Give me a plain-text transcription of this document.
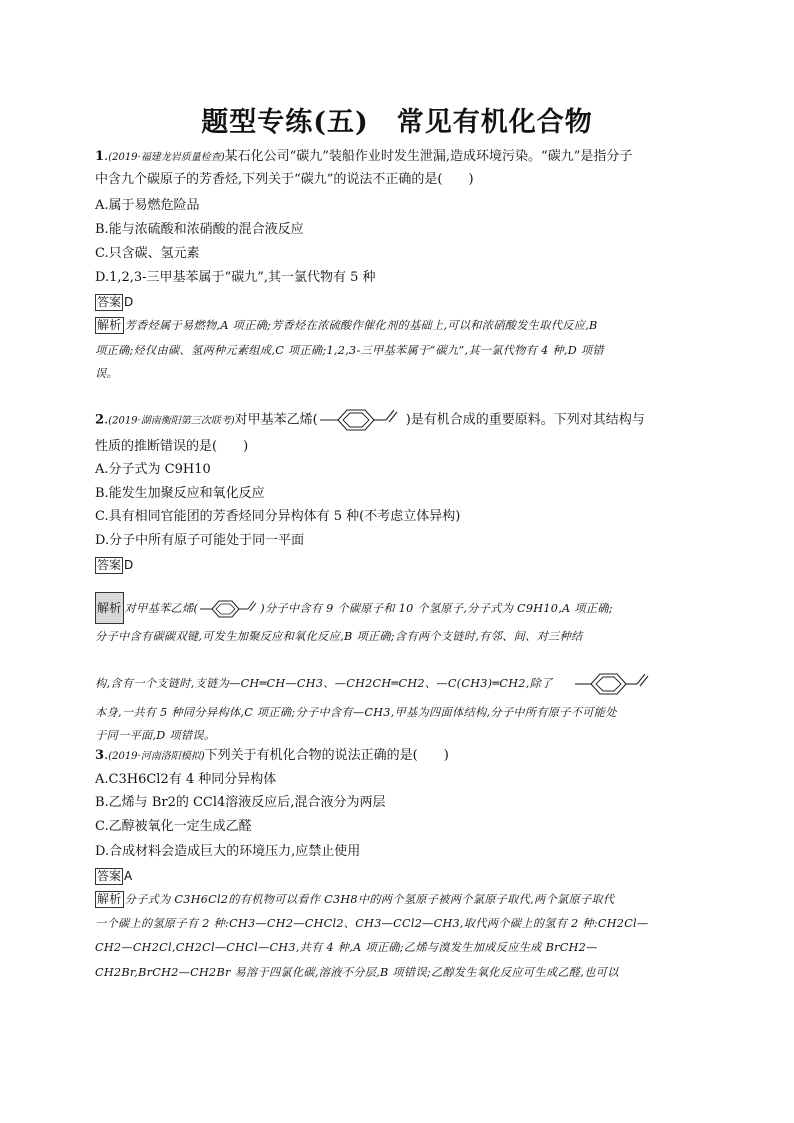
题型专练(五)　常见有机化合物
1.(2019·福建龙岩质量检查)某石化公司“碳九”装船作业时发生泄漏,造成环境污染。“碳九”是指分子
中含九个碳原子的芳香烃,下列关于“碳九”的说法不正确的是(　　)
A.属于易燃危险品
B.能与浓硫酸和浓硝酸的混合液反应
C.只含碳、氢元素
D.1,2,3-三甲基苯属于“碳九”,其一氯代物有 5 种
答案 D
解析 芳香烃属于易燃物,A 项正确;芳香烃在浓硫酸作催化剂的基础上,可以和浓硝酸发生取代反应,B
项正确;烃仅由碳、氢两种元素组成,C 项正确;1,2,3-三甲基苯属于“碳九”,其一氯代物有 4 种,D 项错
误。
2.(2019·湖南衡阳第三次联考)对甲基苯乙烯(	)是有机合成的重要原料。下列对其结构与
性质的推断错误的是(　　)
A.分子式为 C9H10
B.能发生加聚反应和氧化反应
C.具有相同官能团的芳香烃同分异构体有 5 种(不考虑立体异构)
D.分子中所有原子可能处于同一平面
答案 D
解析 对甲基苯乙烯(	)分子中含有 9 个碳原子和 10 个氢原子,分子式为 C9H10,A 项正确;
分子中含有碳碳双键,可发生加聚反应和氧化反应,B 项正确;含有两个支链时,有邻、间、对三种结
构,含有一个支链时,支链为—CH═CH—CH3、—CH2CH═CH2、—C(CH3)═CH2,除了
本身,一共有 5 种同分异构体,C 项正确;分子中含有—CH3,甲基为四面体结构,分子中所有原子不可能处
于同一平面,D 项错误。
3.(2019·河南洛阳模拟)下列关于有机化合物的说法正确的是(　　)
A.C3H6Cl2有 4 种同分异构体
B.乙烯与 Br2的 CCl4溶液反应后,混合液分为两层
C.乙醇被氧化一定生成乙醛
D.合成材料会造成巨大的环境压力,应禁止使用
答案 A
解析 分子式为 C3H6Cl2的有机物可以看作 C3H8中的两个氢原子被两个氯原子取代,两个氯原子取代
一个碳上的氢原子有 2 种:CH3—CH2—CHCl2、CH3—CCl2—CH3,取代两个碳上的氢有 2 种:CH2Cl—
CH2—CH2Cl,CH2Cl—CHCl—CH3,共有 4 种,A 项正确;乙烯与溴发生加成反应生成 BrCH2—
CH2Br,BrCH2—CH2Br 易溶于四氯化碳,溶液不分层,B 项错误;乙醇发生氧化反应可生成乙醛,也可以
